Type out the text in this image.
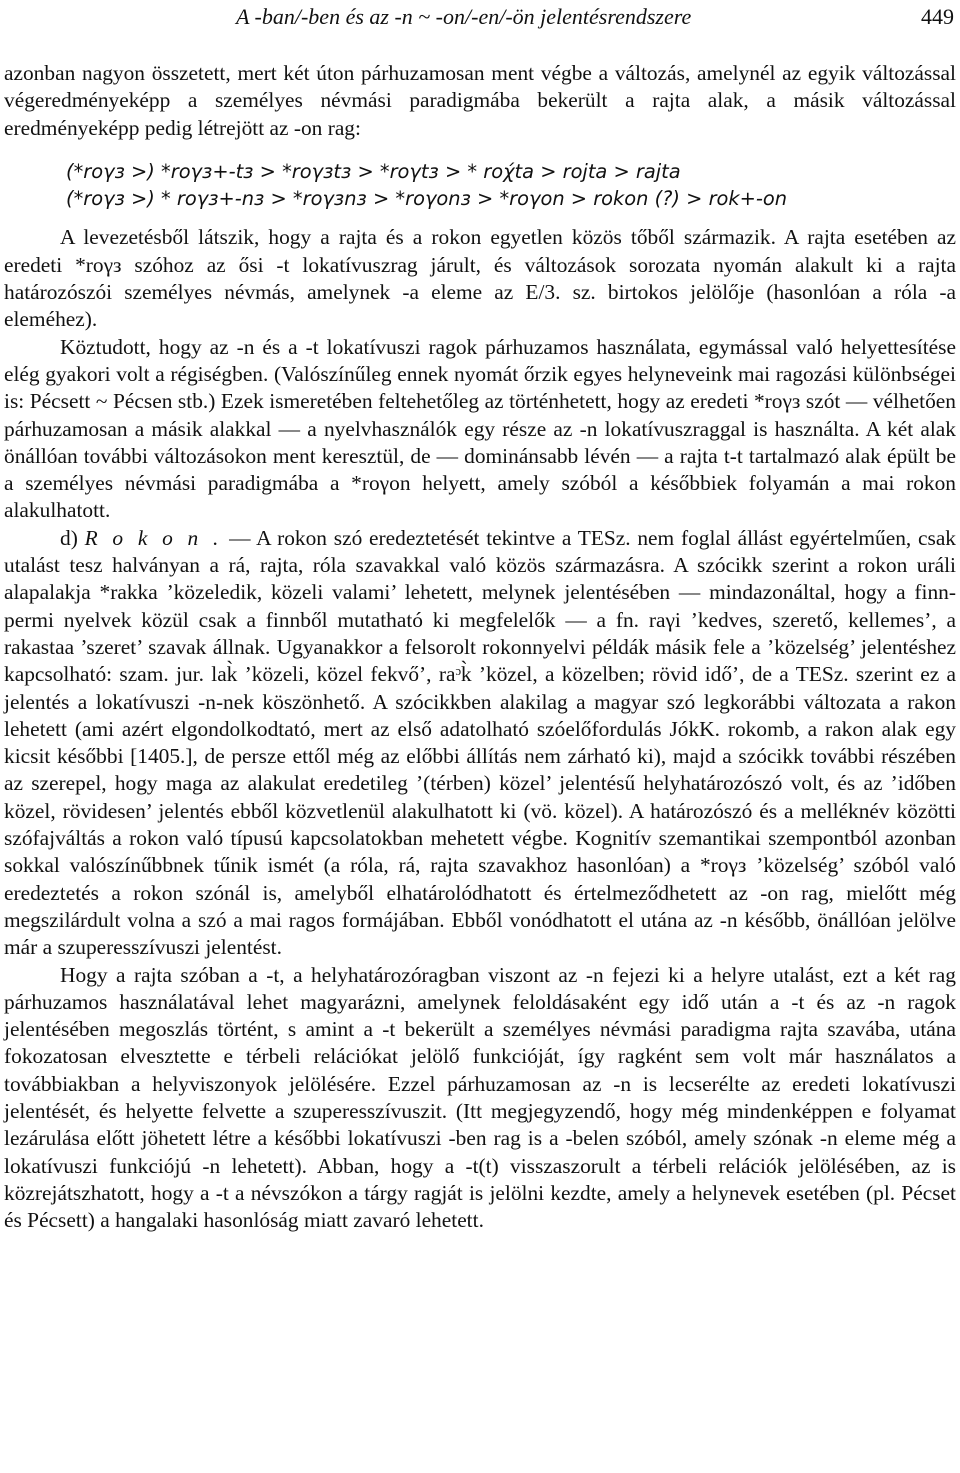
A -ban/-ben és az -n ~ -on/-en/-ön jelentésrendszere	449

azonban nagyon összetett, mert két úton párhuzamosan ment végbe a változás, amelynél az egyik változással végeredményeképp a személyes névmási paradigmába bekerült a rajta alak, a másik változással eredményeképp pedig létrejött az -on rag:

(*roγз >) *roγз+-tз > *roγзtз > *roγtз > * roχ́ta > rojta > rajta
(*roγз >) * roγз+-nз > *roγзnз > *roγonз > *roγon > rokon (?) > rok+-on

A levezetésből látszik, hogy a rajta és a rokon egyetlen közös tőből származik. A rajta esetében az eredeti *roγз szóhoz az ősi -t lokatívuszrag járult, és változások sorozata nyomán alakult ki a rajta határozószói személyes névmás, amelynek -a eleme az E/3. sz. birtokos jelölője (hasonlóan a róla -a eleméhez).

Köztudott, hogy az -n és a -t lokatívuszi ragok párhuzamos használata, egymással való helyettesítése elég gyakori volt a régiségben. (Valószínűleg ennek nyomát őrzik egyes helyneveink mai ragozási különbségei is: Pécsett ~ Pécsen stb.) Ezek ismeretében feltehetőleg az történhetett, hogy az eredeti *roγз szót — vélhetően párhuzamosan a másik alakkal — a nyelvhasználók egy része az -n lokatívuszraggal is használta. A két alak önállóan további változásokon ment keresztül, de — dominánsabb lévén — a rajta t-t tartalmazó alak épült be a személyes névmási paradigmába a *roγon helyett, amely szóból a későbbiek folyamán a mai rokon alakulhatott.

d) R o k o n . — A rokon szó eredeztetését tekintve a TESz. nem foglal állást egyértelműen, csak utalást tesz halványan a rá, rajta, róla szavakkal való közös származásra. A szócikk szerint a rokon uráli alapalakja *rakka ’közeledik, közeli valami’ lehetett, melynek jelentésében — mindazonáltal, hogy a finn-permi nyelvek közül csak a finnből mutatható ki megfelelők — a fn. raγi ’kedves, szerető, kellemes’, a rakastaa ’szeret’ szavak állnak. Ugyanakkor a felsorolt rokonnyelvi példák másik fele a ’közelség’ jelentéshez kapcsolható: szam. jur. lak̀ ’közeli, közel fekvő’, raᵓk̀ ’közel, a közelben; rövid idő’, de a TESz. szerint ez a jelentés a lokatívuszi -n-nek köszönhető. A szócikkben alakilag a magyar szó legkorábbi változata a rakon lehetett (ami azért elgondolkodtató, mert az első adatolható szóelőfordulás JókK. rokomb, a rakon alak egy kicsit későbbi [1405.], de persze ettől még az előbbi állítás nem zárható ki), majd a szócikk további részében az szerepel, hogy maga az alakulat eredetileg ’(térben) közel’ jelentésű helyhatározószó volt, és az ’időben közel, rövidesen’ jelentés ebből közvetlenül alakulhatott ki (vö. közel). A határozószó és a melléknév közötti szófajváltás a rokon való típusú kapcsolatokban mehetett végbe. Kognitív szemantikai szempontból azonban sokkal valószínűbbnek tűnik ismét (a róla, rá, rajta szavakhoz hasonlóan) a *roγз ’közelség’ szóból való eredeztetés a rokon szónál is, amelyből elhatárolódhatott és értelmeződhetett az -on rag, mielőtt még megszilárdult volna a szó a mai ragos formájában. Ebből vonódhatott el utána az -n később, önállóan jelölve már a szuperesszívuszi jelentést.

Hogy a rajta szóban a -t, a helyhatározóragban viszont az -n fejezi ki a helyre utalást, ezt a két rag párhuzamos használatával lehet magyarázni, amelynek feloldásaként egy idő után a -t és az -n ragok jelentésében megoszlás történt, s amint a -t bekerült a személyes névmási paradigma rajta szavába, utána fokozatosan elvesztette e térbeli relációkat jelölő funkcióját, így ragként sem volt már használatos a továbbiakban a helyviszonyok jelölésére. Ezzel párhuzamosan az -n is lecserélte az eredeti lokatívuszi jelentését, és helyette felvette a szuperesszívuszit. (Itt megjegyzendő, hogy még mindenképpen e folyamat lezárulása előtt jöhetett létre a későbbi lokatívuszi -ben rag is a -belen szóból, amely szónak -n eleme még a lokatívuszi funkciójú -n lehetett). Abban, hogy a -t(t) visszaszorult a térbeli relációk jelölésében, az is közrejátszhatott, hogy a -t a névszókon a tárgy ragját is jelölni kezdte, amely a helynevek esetében (pl. Pécset és Pécsett) a hangalaki hasonlóság miatt zavaró lehetett.
